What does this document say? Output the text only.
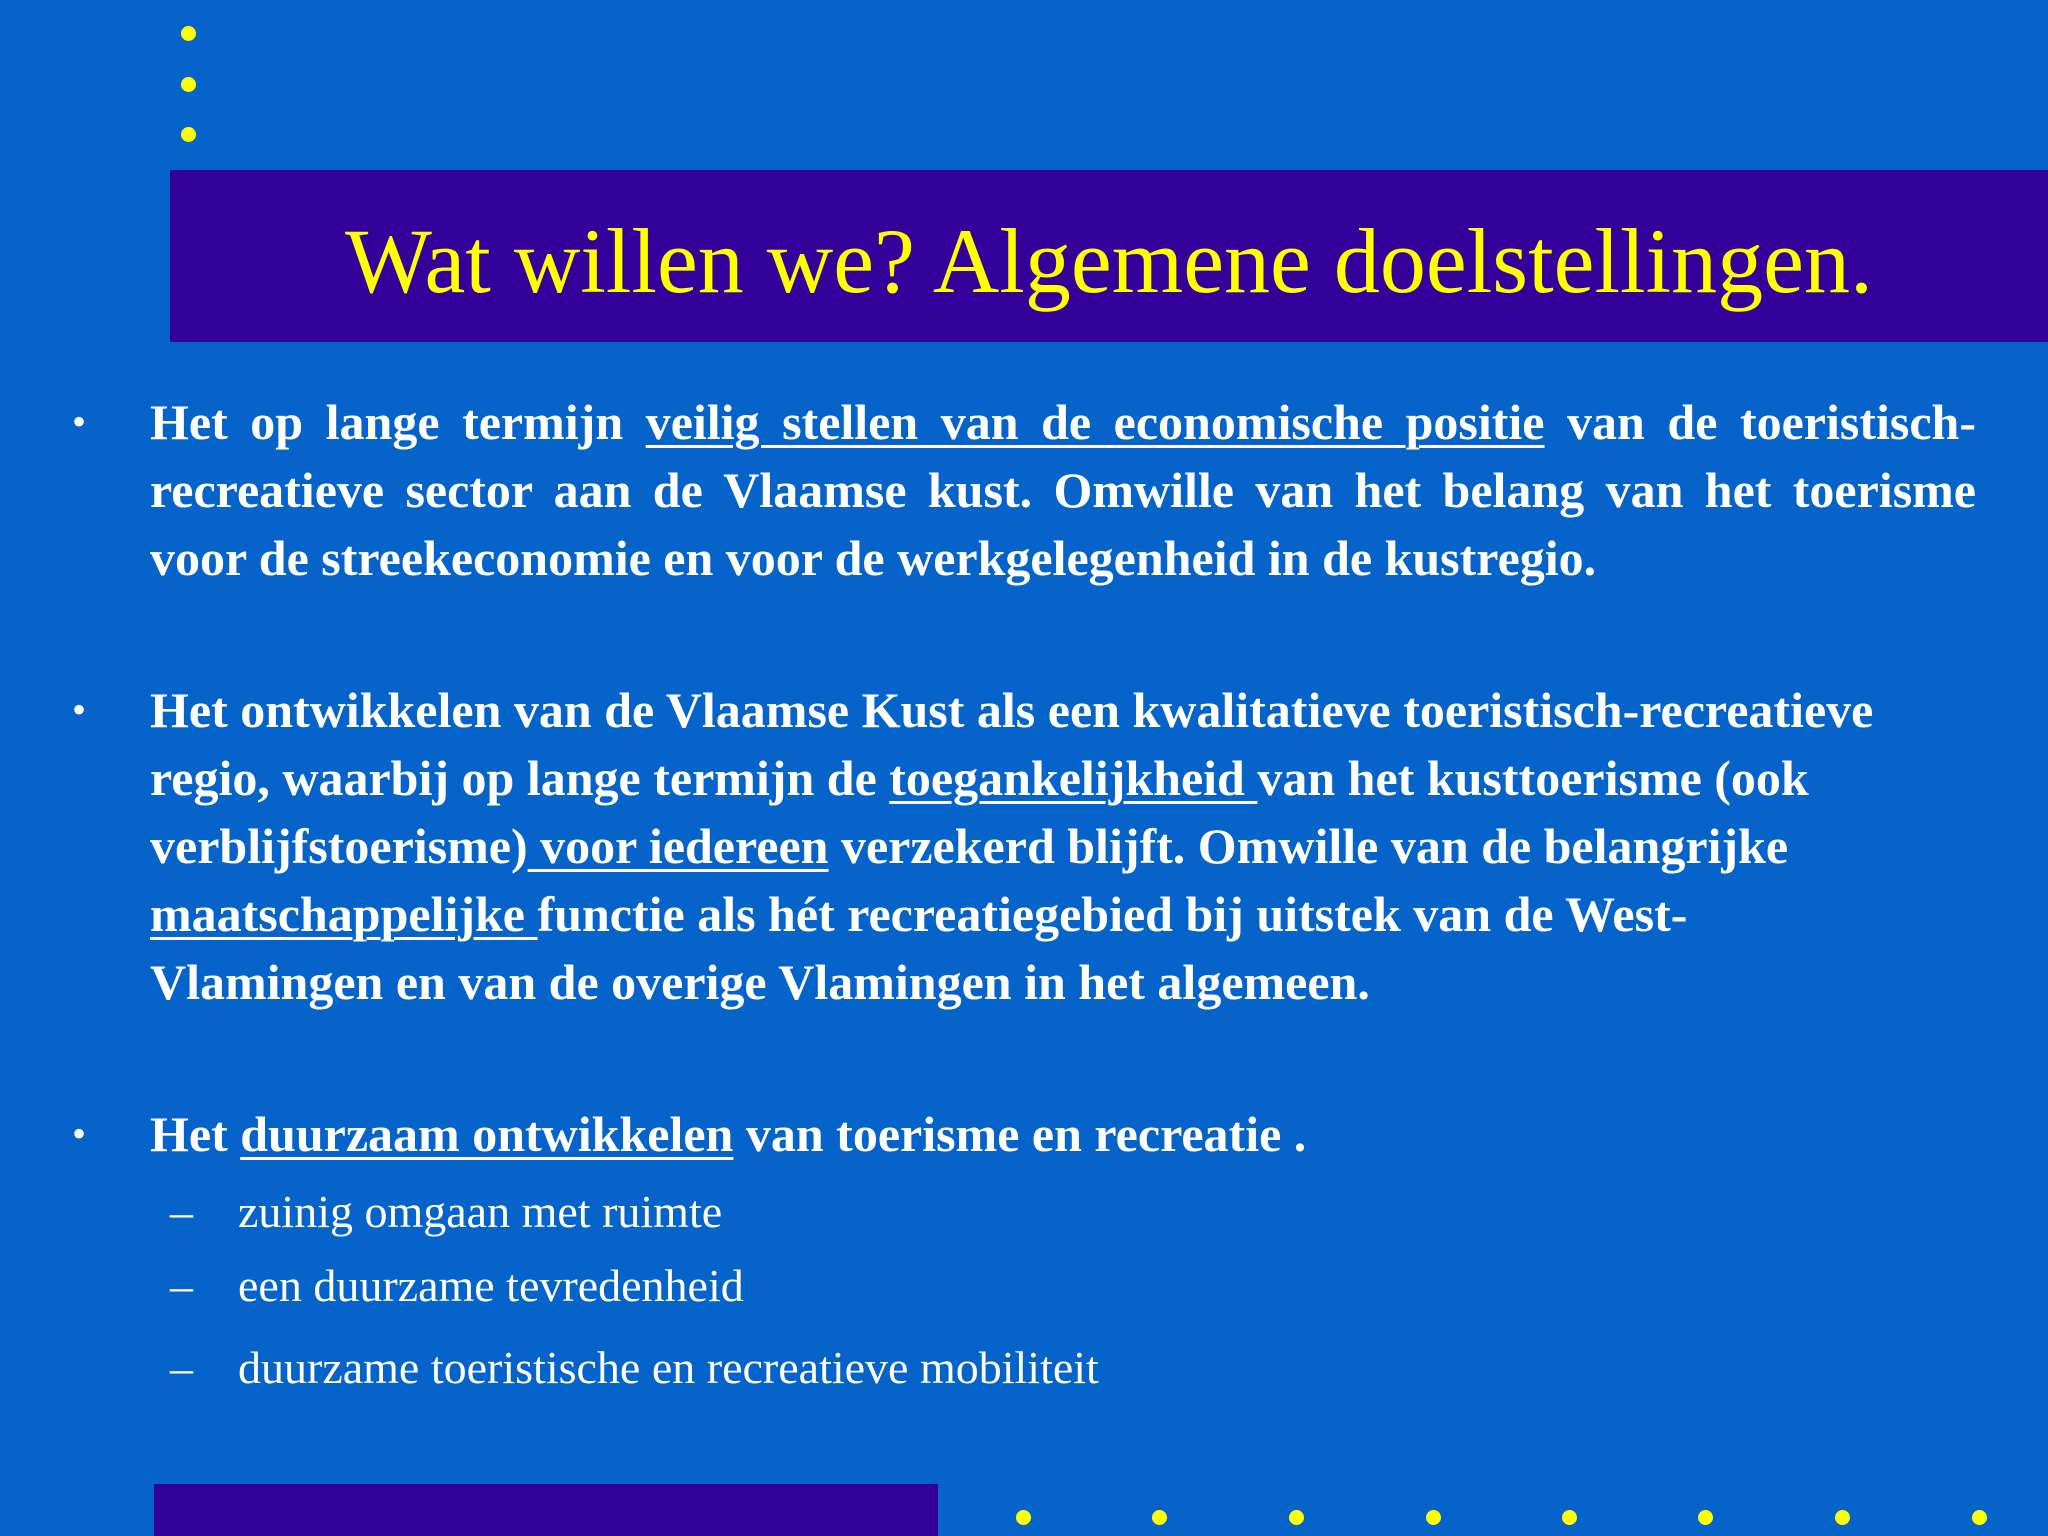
Wat willen we? Algemene doelstellingen.
• Het op lange termijn veilig stellen van de economische positie van de toeristisch-recreatieve sector aan de Vlaamse kust. Omwille van het belang van het toerisme voor de streekeconomie en voor de werkgelegenheid in de kustregio.
• Het ontwikkelen van de Vlaamse Kust als een kwalitatieve toeristisch-recreatieve regio, waarbij op lange termijn de toegankelijkheid van het kusttoerisme (ook verblijfstoerisme) voor iedereen verzekerd blijft. Omwille van de belangrijke maatschappelijke functie als hét recreatiegebied bij uitstek van de West-Vlamingen en van de overige Vlamingen in het algemeen.
• Het duurzaam ontwikkelen van toerisme en recreatie .
– zuinig omgaan met ruimte
– een duurzame tevredenheid
– duurzame toeristische en recreatieve mobiliteit
